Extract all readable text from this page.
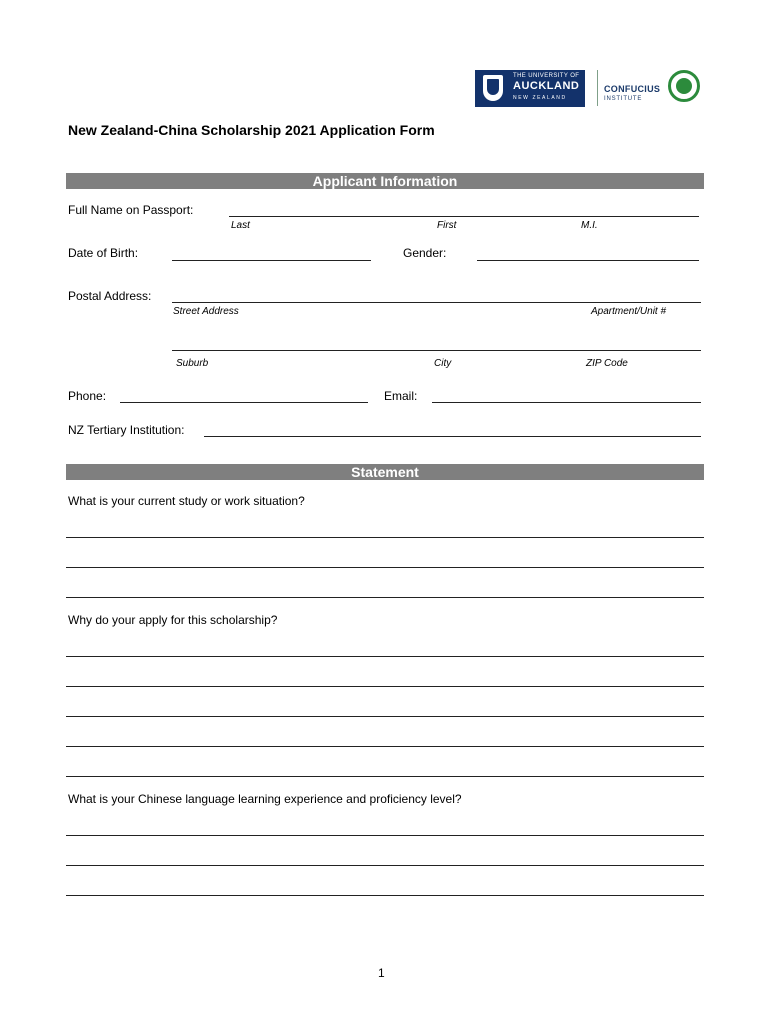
THE UNIVERSITY OF
AUCKLAND
NEW ZEALAND
CONFUCIUS
INSTITUTE
New Zealand-China Scholarship 2021 Application Form
Applicant Information
Full Name on Passport:
Last	First	M.I.
Date of Birth:	Gender:
Postal Address:
Street Address	Apartment/Unit #
Suburb	City	ZIP Code
Phone:	Email:
NZ Tertiary Institution:
Statement
What is your current study or work situation?
Why do your apply for this scholarship?
What is your Chinese language learning experience and proficiency level?
1
